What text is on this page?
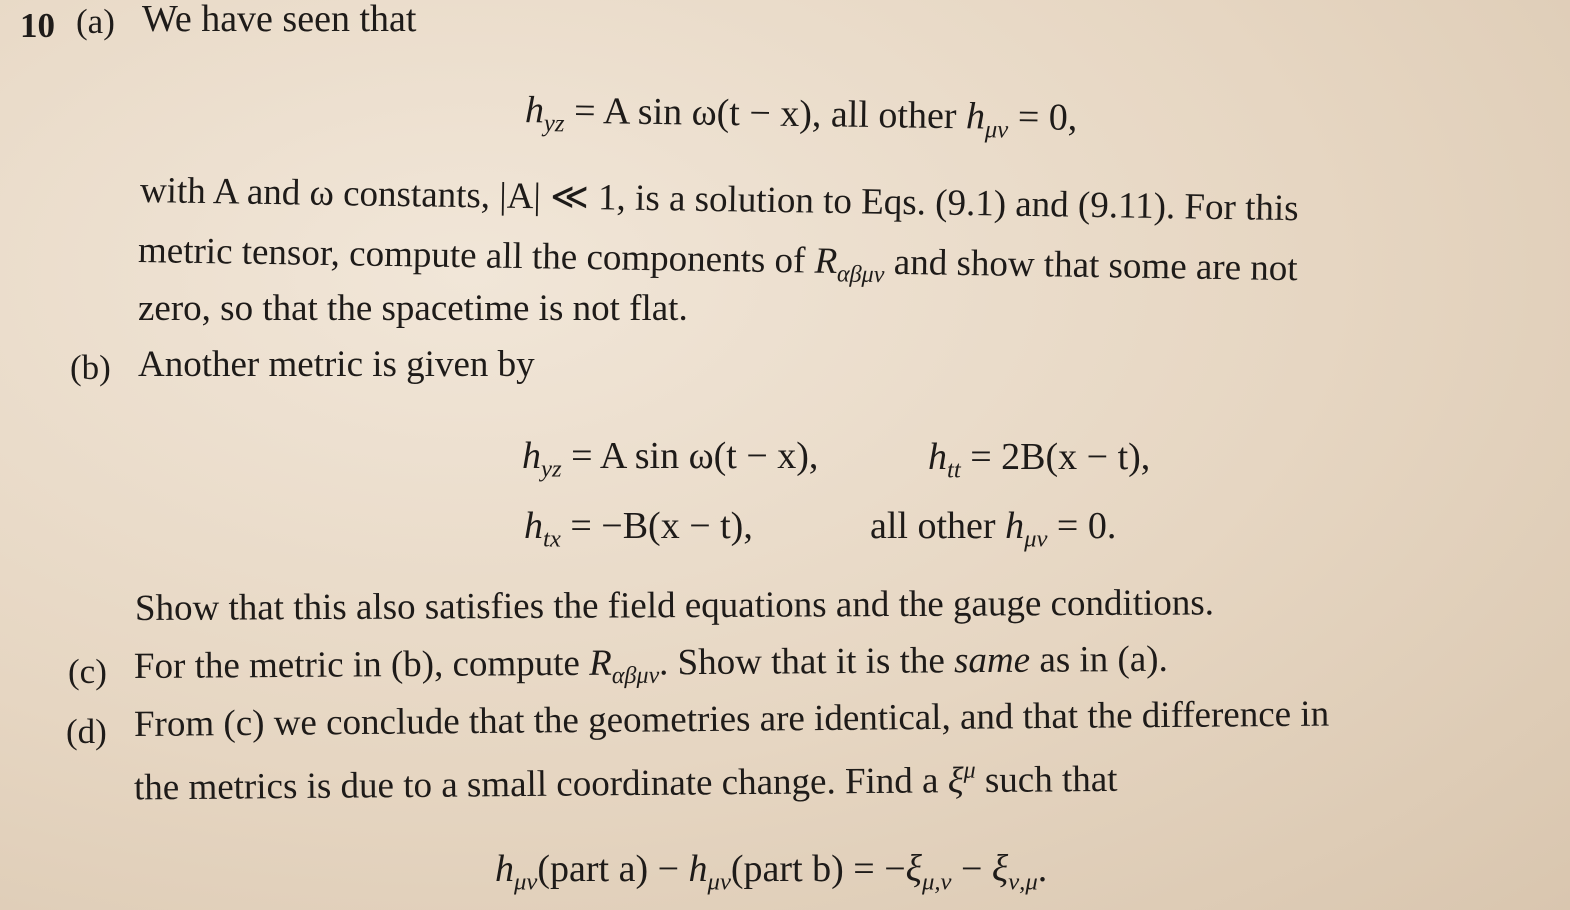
10 (a) We have seen that
$h_{yz} = A$ sin ω(t − x), all other $h_{\mu\nu} = 0$,
with A and ω constants, |A| ≪ 1, is a solution to Eqs. (9.1) and (9.11). For this
metric tensor, compute all the components of $R_{\alpha\beta\mu\nu}$ and show that some are not
zero, so that the spacetime is not flat.
(b) Another metric is given by
$h_{yz} = A$ sin ω(t − x),	$h_{tt} = 2B(x - t)$,
$h_{tx} = -B(x - t)$,	all other $h_{\mu\nu} = 0$.
Show that this also satisfies the field equations and the gauge conditions.
(c) For the metric in (b), compute $R_{\alpha\beta\mu\nu}$. Show that it is the same as in (a).
(d) From (c) we conclude that the geometries are identical, and that the difference in
the metrics is due to a small coordinate change. Find a $\xi^\mu$ such that
$h_{\mu\nu}(part$ $a) - h_{\mu\nu}(part$ $b) = -\xi_{\mu,\nu} - \xi_{\nu,\mu}$.
